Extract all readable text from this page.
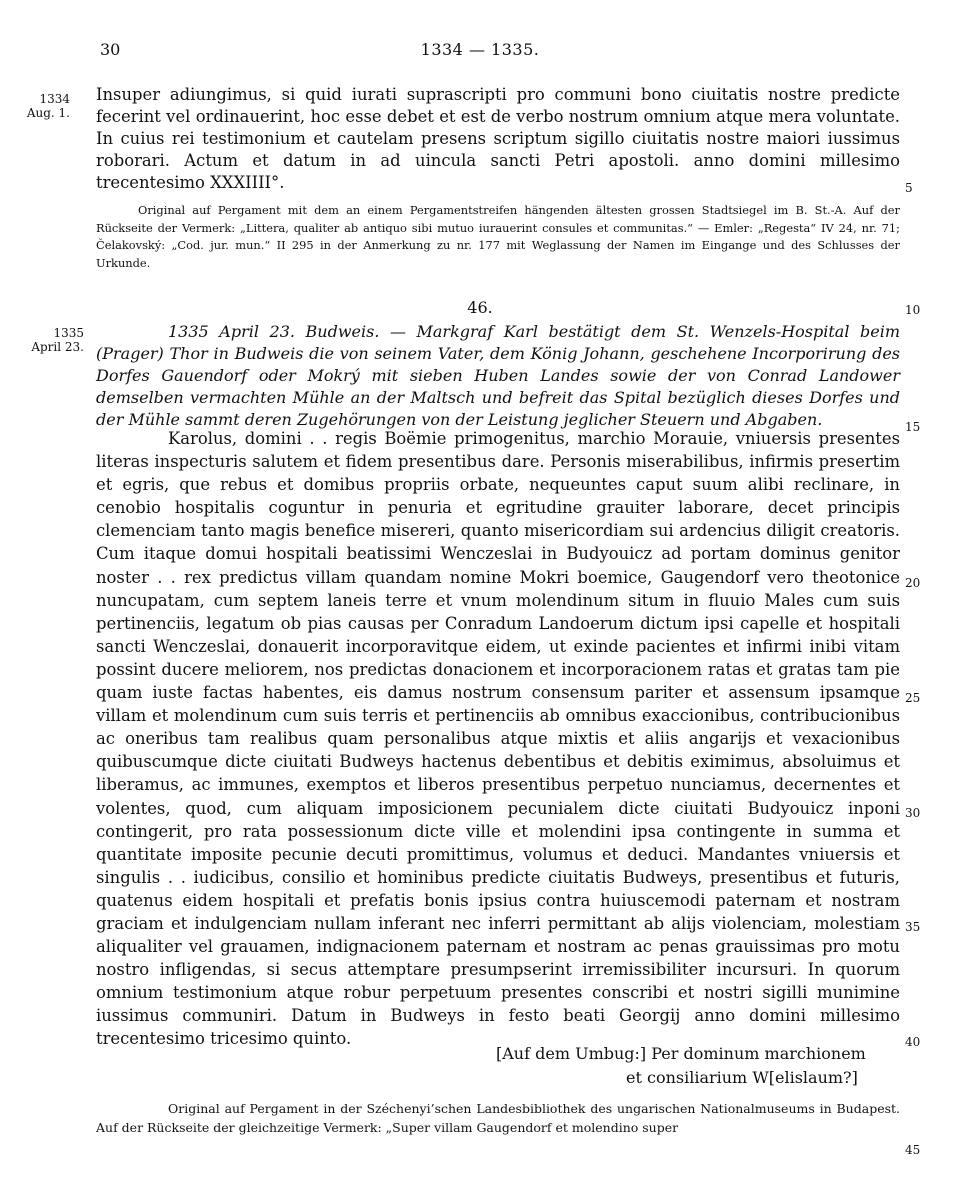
30	1334 — 1335.
1334
Aug. 1.
1335
April 23.
5
10
15
20
25
30
35
40
45
Insuper adiungimus, si quid iurati suprascripti pro communi bono ciuitatis nostre predicte fecerint vel ordinauerint, hoc esse debet et est de verbo nostrum omnium atque mera voluntate. In cuius rei testimonium et cautelam presens scriptum sigillo ciuitatis nostre maiori iussimus roborari. Actum et datum in ad uincula sancti Petri apostoli. anno domini millesimo trecentesimo XXXIIII°.
Original auf Pergament mit dem an einem Pergamentstreifen hängenden ältesten grossen Stadtsiegel im B. St.-A. Auf der Rückseite der Vermerk: „Littera, qualiter ab antiquo sibi mutuo iurauerint consules et communitas.“ — Emler: „Regesta“ IV 24, nr. 71; Čelakovský: „Cod. jur. mun.“ II 295 in der Anmerkung zu nr. 177 mit Weglassung der Namen im Eingange und des Schlusses der Urkunde.
46.
1335 April 23. Budweis. — Markgraf Karl bestätigt dem St. Wenzels-Hospital beim (Prager) Thor in Budweis die von seinem Vater, dem König Johann, geschehene Incorporirung des Dorfes Gauendorf oder Mokrý mit sieben Huben Landes sowie der von Conrad Landower demselben vermachten Mühle an der Maltsch und befreit das Spital bezüglich dieses Dorfes und der Mühle sammt deren Zugehörungen von der Leistung jeglicher Steuern und Abgaben.
Karolus, domini . . regis Boëmie primogenitus, marchio Morauie, vniuersis presentes literas inspecturis salutem et fidem presentibus dare. Personis miserabilibus, infirmis presertim et egris, que rebus et domibus propriis orbate, nequeuntes caput suum alibi reclinare, in cenobio hospitalis coguntur in penuria et egritudine grauiter laborare, decet principis clemenciam tanto magis benefice misereri, quanto misericordiam sui ardencius diligit creatoris. Cum itaque domui hospitali beatissimi Wenczeslai in Budyouicz ad portam dominus genitor noster . . rex predictus villam quandam nomine Mokri boemice, Gaugendorf vero theotonice nuncupatam, cum septem laneis terre et vnum molendinum situm in fluuio Males cum suis pertinenciis, legatum ob pias causas per Conradum Landoerum dictum ipsi capelle et hospitali sancti Wenczeslai, donauerit incorporavitque eidem, ut exinde pacientes et infirmi inibi vitam possint ducere meliorem, nos predictas donacionem et incorporacionem ratas et gratas tam pie quam iuste factas habentes, eis damus nostrum consensum pariter et assensum ipsamque villam et molendinum cum suis terris et pertinenciis ab omnibus exaccionibus, contribucionibus ac oneribus tam realibus quam personalibus atque mixtis et aliis angarijs et vexacionibus quibuscumque dicte ciuitati Budweys hactenus debentibus et debitis eximimus, absoluimus et liberamus, ac immunes, exemptos et liberos presentibus perpetuo nunciamus, decernentes et volentes, quod, cum aliquam imposicionem pecunialem dicte ciuitati Budyouicz inponi contingerit, pro rata possessionum dicte ville et molendini ipsa contingente in summa et quantitate imposite pecunie decuti promittimus, volumus et deduci. Mandantes vniuersis et singulis . . iudicibus, consilio et hominibus predicte ciuitatis Budweys, presentibus et futuris, quatenus eidem hospitali et prefatis bonis ipsius contra huiuscemodi paternam et nostram graciam et indulgenciam nullam inferant nec inferri permittant ab alijs violenciam, molestiam aliqualiter vel grauamen, indignacionem paternam et nostram ac penas grauissimas pro motu nostro infligendas, si secus attemptare presumpserint irremissibiliter incursuri. In quorum omnium testimonium atque robur perpetuum presentes conscribi et nostri sigilli munimine iussimus communiri. Datum in Budweys in festo beati Georgij anno domini millesimo trecentesimo tricesimo quinto.
[Auf dem Umbug:] Per dominum marchionem
et consiliarium W[elislaum?]
Original auf Pergament in der Széchenyi’schen Landesbibliothek des ungarischen Nationalmuseums in Budapest. Auf der Rückseite der gleichzeitige Vermerk: „Super villam Gaugendorf et molendino super
